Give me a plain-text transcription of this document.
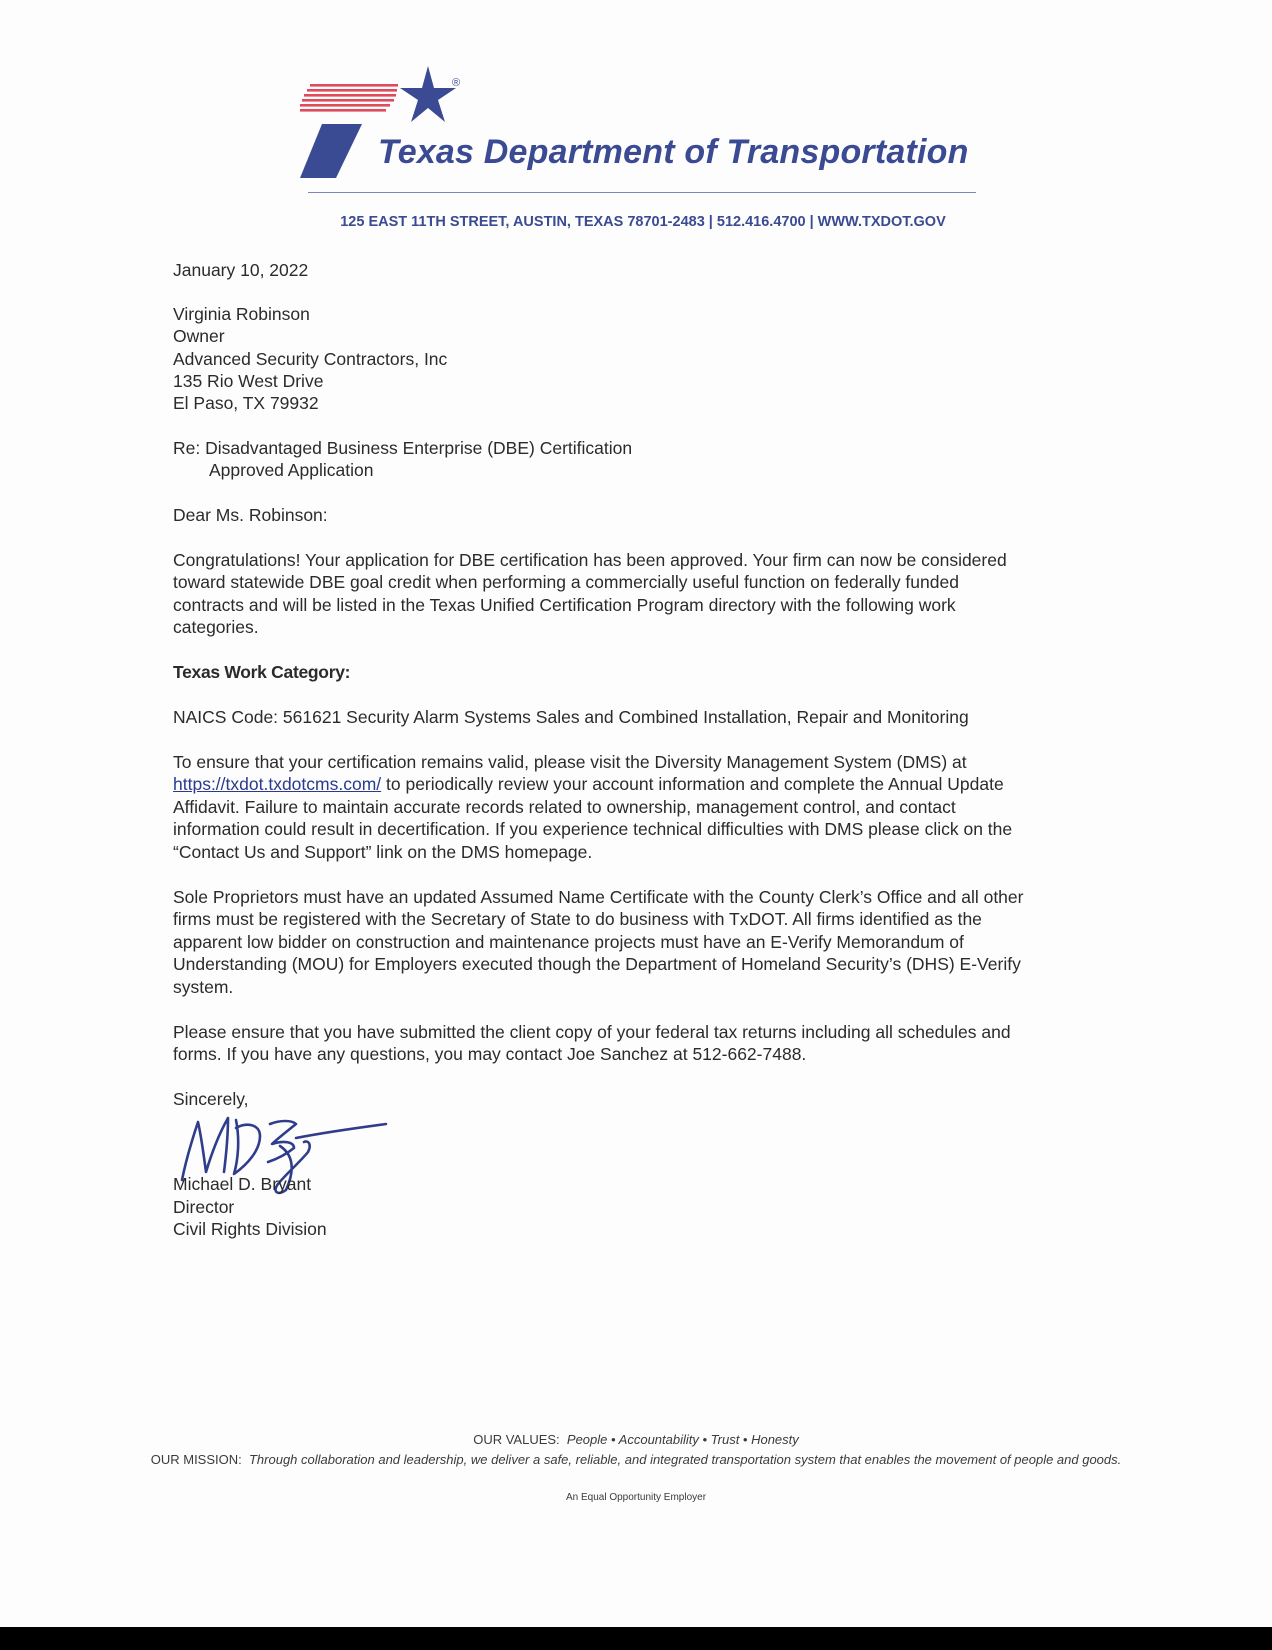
®
Texas Department of Transportation
125 EAST 11TH STREET, AUSTIN, TEXAS 78701-2483 | 512.416.4700 | WWW.TXDOT.GOV
January 10, 2022
Virginia Robinson
Owner
Advanced Security Contractors, Inc
135 Rio West Drive
El Paso, TX 79932
Re: Disadvantaged Business Enterprise (DBE) Certification
Approved Application
Dear Ms. Robinson:
Congratulations! Your application for DBE certification has been approved. Your firm can now be considered
toward statewide DBE goal credit when performing a commercially useful function on federally funded
contracts and will be listed in the Texas Unified Certification Program directory with the following work
categories.
Texas Work Category:
NAICS Code: 561621 Security Alarm Systems Sales and Combined Installation, Repair and Monitoring
To ensure that your certification remains valid, please visit the Diversity Management System (DMS) at
https://txdot.txdotcms.com/ to periodically review your account information and complete the Annual Update
Affidavit. Failure to maintain accurate records related to ownership, management control, and contact
information could result in decertification. If you experience technical difficulties with DMS please click on the
“Contact Us and Support” link on the DMS homepage.
Sole Proprietors must have an updated Assumed Name Certificate with the County Clerk’s Office and all other
firms must be registered with the Secretary of State to do business with TxDOT. All firms identified as the
apparent low bidder on construction and maintenance projects must have an E-Verify Memorandum of
Understanding (MOU) for Employers executed though the Department of Homeland Security’s (DHS) E-Verify
system.
Please ensure that you have submitted the client copy of your federal tax returns including all schedules and
forms. If you have any questions, you may contact Joe Sanchez at 512-662-7488.
Sincerely,
Michael D. Bryant
Director
Civil Rights Division
OUR VALUES: People • Accountability • Trust • Honesty
OUR MISSION: Through collaboration and leadership, we deliver a safe, reliable, and integrated transportation system that enables the movement of people and goods.
An Equal Opportunity Employer
